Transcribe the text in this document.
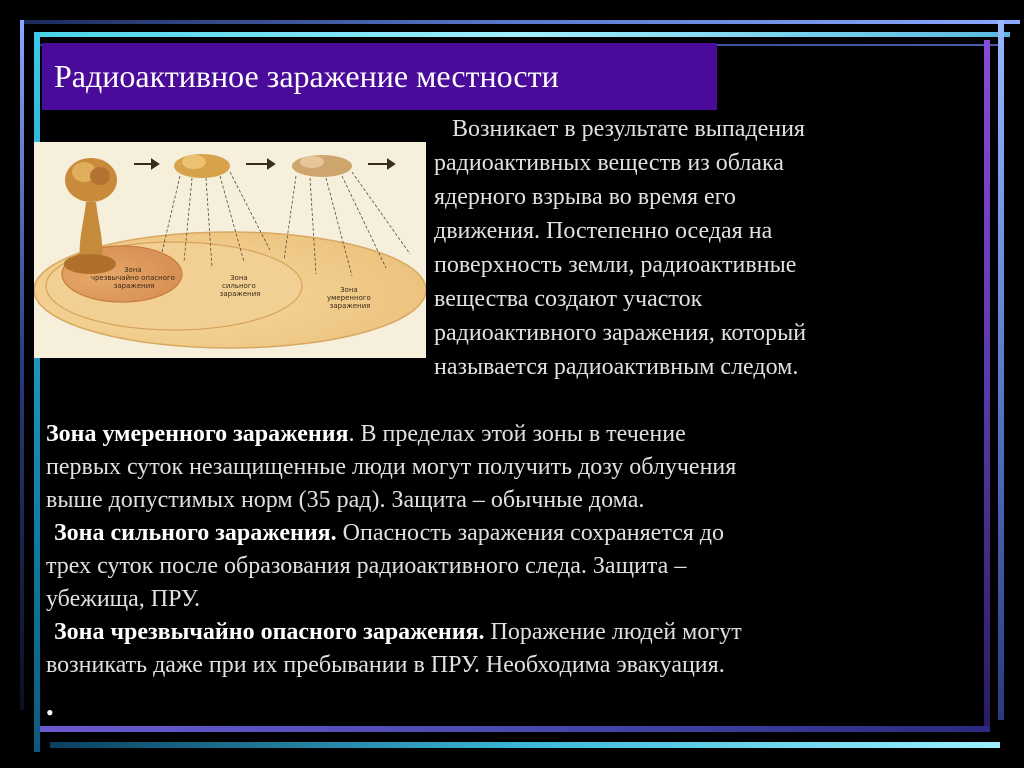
Радиоактивное заражение местности
Зона чрезвычайно опасного заражения
Зона сильного заражения	Зона умеренного заражения
Возникает в результате выпадения
радиоактивных веществ из облака
ядерного взрыва во время его
движения. Постепенно оседая на
поверхность земли, радиоактивные
вещества создают участок
радиоактивного заражения, который
называется радиоактивным следом.

Зона умеренного заражения. В пределах этой зоны в течение
первых суток незащищенные люди могут получить дозу облучения
выше допустимых норм (35 рад). Защита – обычные дома.

Зона сильного заражения. Опасность заражения сохраняется до

трех суток после образования радиоактивного следа. Защита –
убежища, ПРУ.

Зона чрезвычайно опасного заражения. Поражение людей могут

возникать даже при их пребывании в ПРУ. Необходима эвакуация.

•
